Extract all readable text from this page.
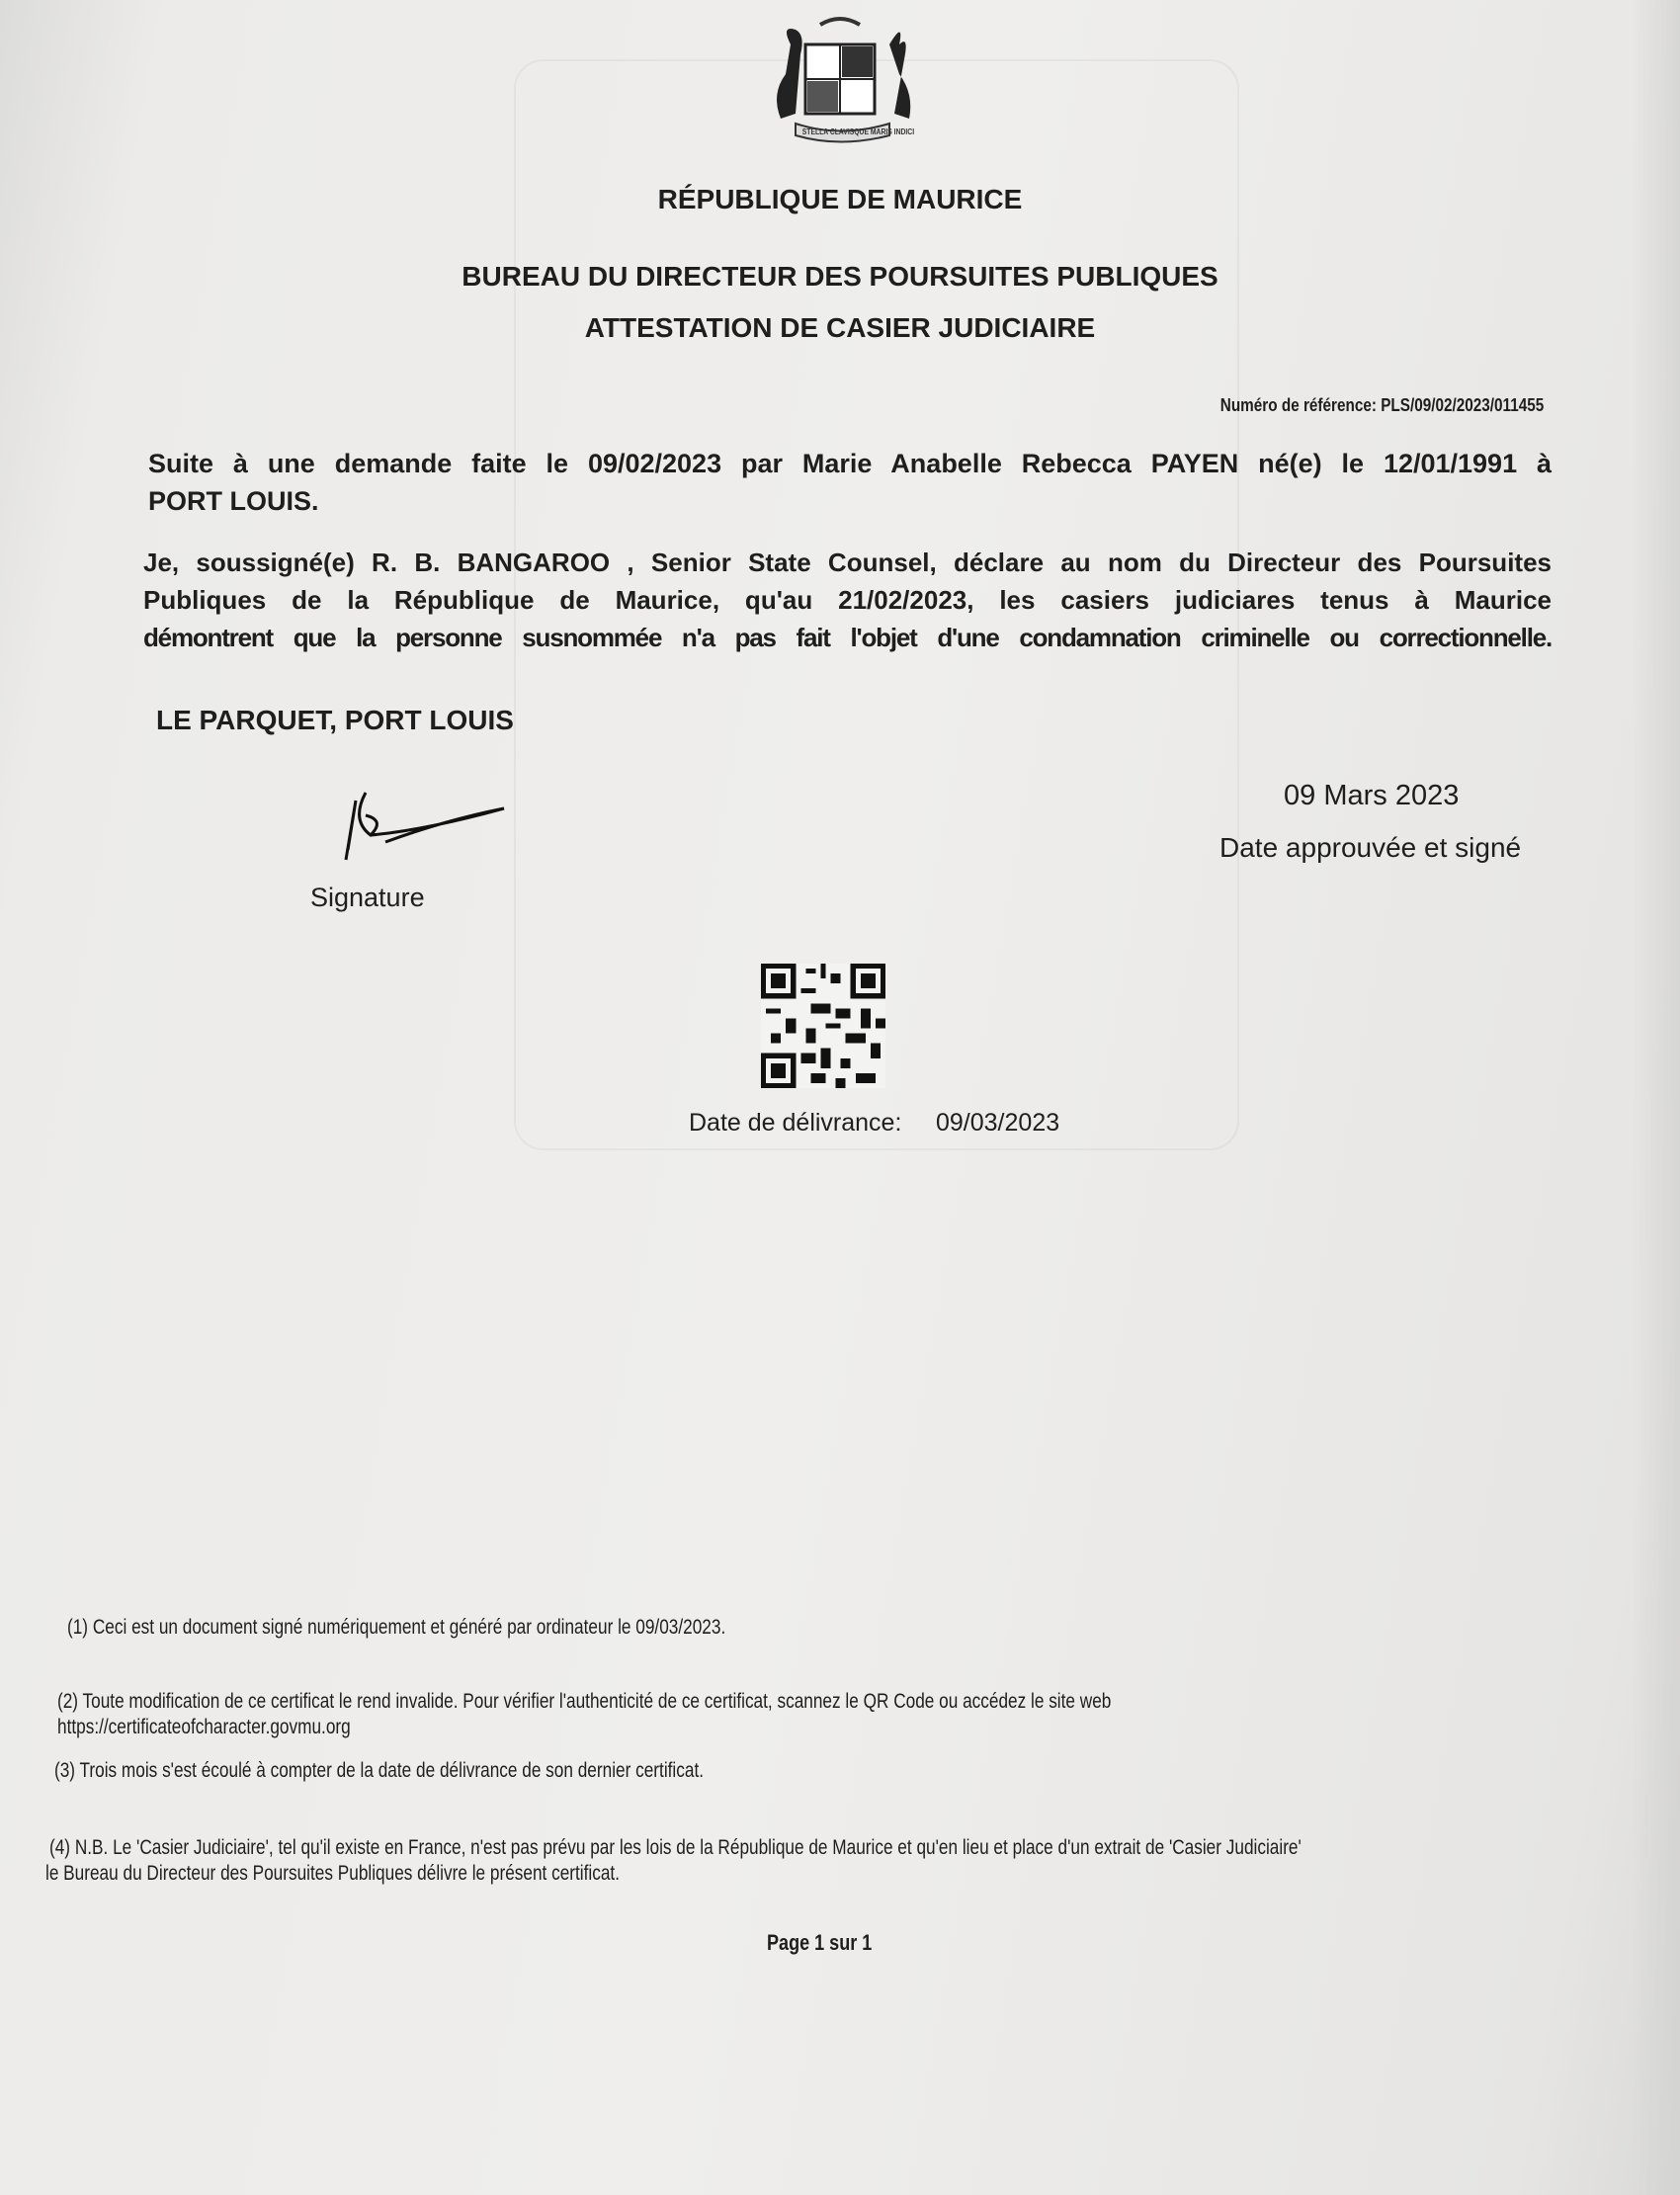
STELLA CLAVISQUE MARIS INDICI
RÉPUBLIQUE DE MAURICE
BUREAU DU DIRECTEUR DES POURSUITES PUBLIQUES
ATTESTATION DE CASIER JUDICIAIRE
Numéro de référence: PLS/09/02/2023/011455
Suite à une demande faite le 09/02/2023 par Marie Anabelle Rebecca PAYEN né(e) le 12/01/1991 à
PORT LOUIS.
Je, soussigné(e) R. B. BANGAROO , Senior State Counsel, déclare au nom du Directeur des Poursuites
Publiques de la République de Maurice, qu'au 21/02/2023, les casiers judiciares tenus à Maurice
démontrent que la personne susnommée n'a pas fait l'objet d'une condamnation criminelle ou correctionnelle.
LE PARQUET, PORT LOUIS
Signature
09 Mars 2023
Date approuvée et signé
Date de délivrance: 09/03/2023
(1) Ceci est un document signé numériquement et généré par ordinateur le 09/03/2023.
(2) Toute modification de ce certificat le rend invalide. Pour vérifier l'authenticité de ce certificat, scannez le QR Code ou accédez le site web
https://certificateofcharacter.govmu.org
(3) Trois mois s'est écoulé à compter de la date de délivrance de son dernier certificat.
(4) N.B. Le 'Casier Judiciaire', tel qu'il existe en France, n'est pas prévu par les lois de la République de Maurice et qu'en lieu et place d'un extrait de 'Casier Judiciaire'
le Bureau du Directeur des Poursuites Publiques délivre le présent certificat.
Page 1 sur 1
